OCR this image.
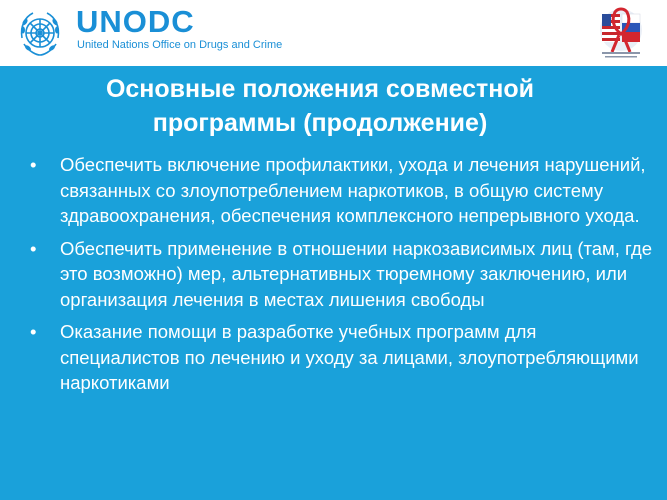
UNODC
United Nations Office on Drugs and Crime
Основные положения совместной
программы (продолжение)
• Обеспечить включение профилактики, ухода и лечения нарушений, связанных со злоупотреблением наркотиков, в общую систему здравоохранения, обеспечения комплексного непрерывного ухода.
• Обеспечить применение в отношении наркозависимых лиц (там, где это возможно) мер, альтернативных тюремному заключению, или организация лечения в местах лишения свободы
• Оказание помощи в разработке учебных программ для специалистов по лечению и уходу за лицами, злоупотребляющими наркотиками
